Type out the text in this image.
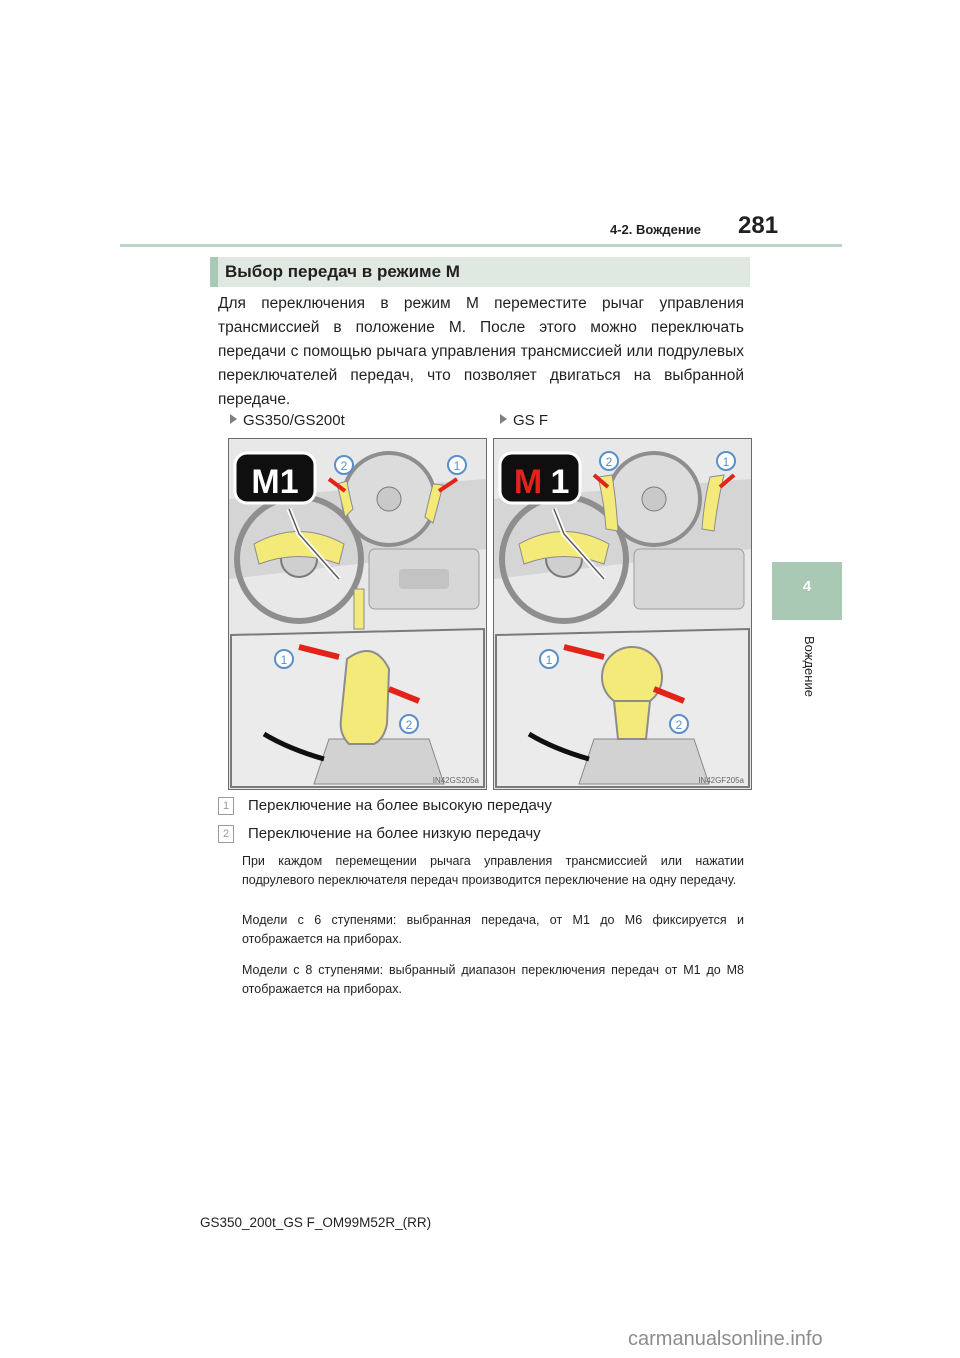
4-2. Вождение 281
4
Вождение
Выбор передач в режиме M
Для переключения в режим M переместите рычаг управления трансмиссией в положение M. После этого можно переключать передачи с помощью рычага управления трансмиссией или подрулевых переключателей передач, что позволяет двигаться на выбранной передаче.
GS350/GS200t	GS F
2	1
M1
1
2
IN42GS205a
2	1
M 1
1
2
IN42GF205a
1 Переключение на более высокую передачу
2 Переключение на более низкую передачу
При каждом перемещении рычага управления трансмиссией или нажатии подрулевого переключателя передач производится переключение на одну передачу.
Модели с 6 ступенями: выбранная передача, от M1 до M6 фиксируется и отображается на приборах.
Модели с 8 ступенями: выбранный диапазон переключения передач от M1 до M8 отображается на приборах.
GS350_200t_GS F_OM99M52R_(RR)
carmanualsonline.info
